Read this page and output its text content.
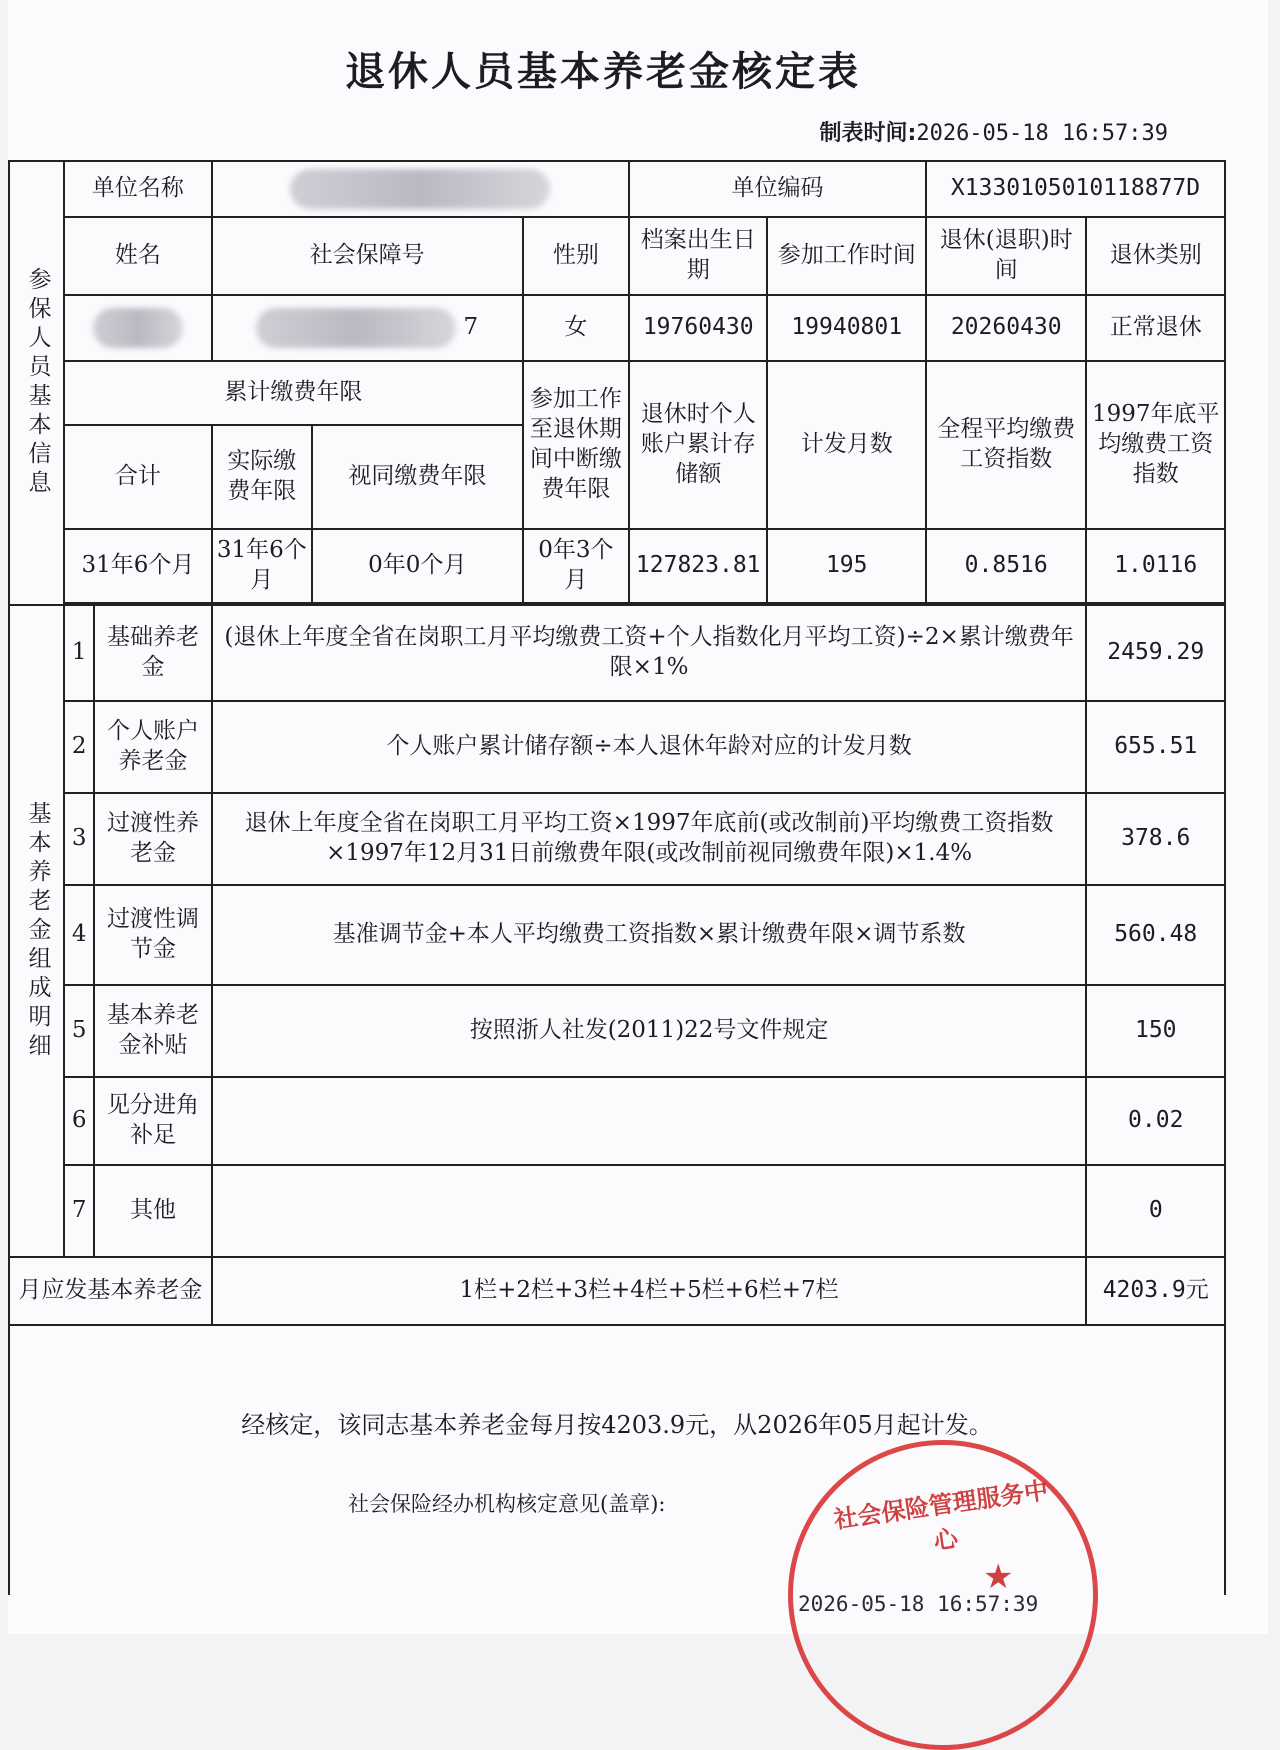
退休人员基本养老金核定表
制表时间:2026-05-18 16:57:39
参保人员基本信息	单位名称					单位编码		X1330105010118877D	
	姓名		社会保障号		性别	档案出生日期	参加工作时间	退休(退职)时间	退休类别
			7		女	19760430	19940801	20260430	正常退休
	累计缴费年限				参加工作至退休期间中断缴费年限	退休时个人账户累计存储额	计发月数	全程平均缴费工资指数	1997年底平均缴费工资指数
	合计		实际缴费年限	视同缴费年限					
	31年6个月		31年6个月	0年0个月	0年3个月	127823.81	195	0.8516	1.0116

基本养老金组成明细	1	基础养老金	(退休上年度全省在岗职工月平均缴费工资+个人指数化月平均工资)÷2×累计缴费年限×1%						2459.29
	2	个人账户养老金	个人账户累计储存额÷本人退休年龄对应的计发月数						655.51
	3	过渡性养老金	退休上年度全省在岗职工月平均工资×1997年底前(或改制前)平均缴费工资指数×1997年12月31日前缴费年限(或改制前视同缴费年限)×1.4%						378.6
	4	过渡性调节金	基准调节金+本人平均缴费工资指数×累计缴费年限×调节系数						560.48
	5	基本养老金补贴	按照浙人社发(2011)22号文件规定						150
	6	见分进角补足							0.02
	7	其他							0
月应发基本养老金			1栏+2栏+3栏+4栏+5栏+6栏+7栏						4203.9元

经核定，该同志基本养老金每月按4203.9元，从2026年05月起计发。
社会保险经办机构核定意见(盖章):	社会保险管理服务中心
★
2026-05-18 16:57:39
